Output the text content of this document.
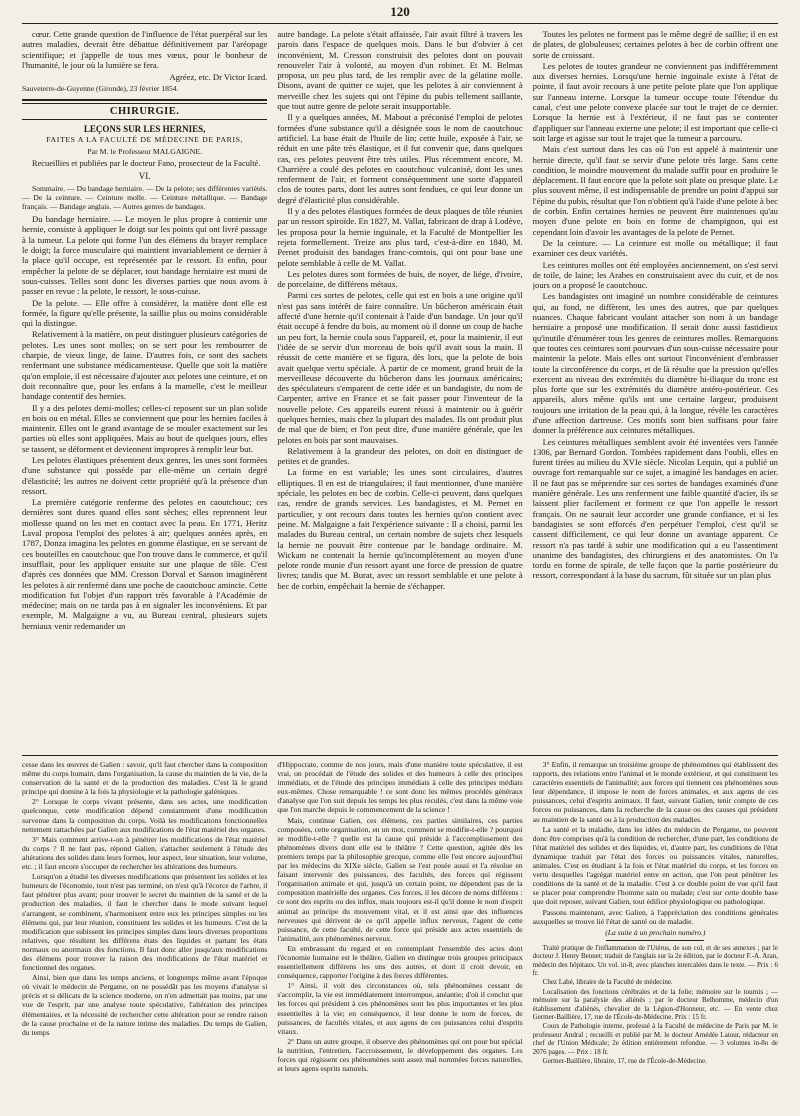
120

cœur. Cette grande question de l'influence de l'état puerpéral sur les autres maladies, devrait être débattue définitivement par l'aréopage scientifique; et j'appelle de tous mes vœux, pour le bonheur de l'humanité, le jour où la lumière se fera.

Agréez, etc. Dr Victor Icard.
Sauveterre-de-Guyenne (Gironde), 23 février 1854.
CHIRURGIE.
LEÇONS SUR LES HERNIES,
FAITES A LA FACULTÉ DE MÉDECINE DE PARIS,
Par M. le Professeur MALGAIGNE.
Recueillies et publiées par le docteur Fano, prosecteur de la Faculté.
VI.
Sommaire. — Du bandage herniaire. — De la pelote; ses différentes variétés. — De la ceinture. — Ceinture molle. — Ceinture métallique. — Bandage français. — Bandage anglais. — Autres genres de bandages.

Du bandage herniaire. — Le moyen le plus propre à contenir une hernie, consiste à appliquer le doigt sur les points qui ont livré passage à la tumeur. La pelote qui forme l'un des élémens du brayer remplace le doigt; la force musculaire qui maintient invariablement ce dernier à la place qu'il occupe, est représentée par le ressort. Et enfin, pour empêcher la pelote de se déplacer, tout bandage herniaire est muni de sous-cuisses. Telles sont donc les diverses parties que nous avons à passer en revue : la pelote, le ressort, le sous-cuisse.

De la pelote. — Elle offre à considérer, la matière dont elle est formée, la figure qu'elle présente, la saillie plus ou moins considérable qui la distingue.

Relativement à la matière, on peut distinguer plusieurs catégories de pelotes. Les unes sont molles; on se sert pour les rembourrer de charpie, de vieux linge, de laine. D'autres fois, ce sont des sachets renfermant une substance médicamenteuse. Quelle que soit la matière qu'on emploie, il est nécessaire d'ajouter aux pelotes une ceinture, et on doit reconnaître que, pour les enfans à la mamelle, c'est le meilleur bandage contentif des hernies.

Il y a des pelotes demi-molles; celles-ci reposent sur un plan solide en bois ou en métal. Elles se conviennent que pour les hernies faciles à maintenir. Elles ont le grand avantage de se mouler exactement sur les parties où elles sont appliquées. Mais au bout de quelques jours, elles se tassent, se déforment et deviennent impropres à remplir leur but.

Les pelotes élastiques présentent deux genres, les unes sont formées d'une substance qui possède par elle-même un certain degré d'élasticité; les autres ne doivent cette propriété qu'à la présence d'un ressort.

La première catégorie renferme des pelotes en caoutchouc; ces dernières sont dures quand elles sont sèches; elles reprennent leur mollesse quand on les met en contact avec la peau. En 1771, Heritz Laval proposa l'emploi des pelotes à air; quelques années après, en 1787, Donza imagina les pelotes en gomme élastique, en se servant de ces bouteilles en caoutchouc que l'on trouve dans le commerce, et qu'il insufflait, pour les appliquer ensuite sur une plaque de tôle. C'est d'après ces données que MM. Cresson Dorval et Sanson imaginèrent les pelotes à air renfermé dans une poche de caoutchouc amincie. Cette modification fut l'objet d'un rapport très favorable à l'Académie de médecine; mais on ne tarda pas à en signaler les inconvéniens. Et par exemple, M. Malgaigne a vu, au Bureau central, plusieurs sujets herniaux venir redemander un

autre bandage. La pelote s'était affaissée, l'air avait filtré à travers les parois dans l'espace de quelques mois. Dans le but d'obvier à cet inconvénient, M. Cresson construisit des pelotes dont on pouvait renouveler l'air à volonté, au moyen d'un robinet. Et M. Belmas proposa, un peu plus tard, de les remplir avec de la gélatine molle. Disons, avant de quitter ce sujet, que les pelotes à air conviennent à merveille chez les sujets qui ont l'épine du pubis tellement saillante, que tout autre genre de pelote serait insupportable.

Il y a quelques années, M. Mabout a préconisé l'emploi de pelotes formées d'une substance qu'il a désignée sous le nom de caoutchouc artificiel. La base était de l'huile de lin; cette huile, exposée à l'air, se réduit en une pâte très élastique, et il fut convenir que, dans quelques cas, ces pelotes peuvent être très utiles. Plus récemment encore, M. Charrière a coulé des pelotes en caoutchouc vulcanisé, dont les unes renferment de l'air, et forment conséquemment une sorte d'appareil clos de toutes parts, dont les autres sont fendues, ce qui leur donne un degré d'élasticité plus considérable.

Il y a des pelotes élastiques formées de deux plaques de tôle réunies par un ressort spiroïde. En 1827, M. Vallat, fabricant de drap à Lodève, les proposa pour la hernie inguinale, et la Faculté de Montpellier les rejeta formellement. Treize ans plus tard, c'est-à-dire en 1840, M. Pernet produisit des bandages franc-comtois, qui ont pour base une pelote semblable à celle de M. Vallat.

Les pelotes dures sont formées de buis, de noyer, de liége, d'ivoire, de porcelaine, de différens métaux.

Parmi ces sortes de pelotes, celle qui est en bois a une origine qu'il n'est pas sans intérêt de faire connaître. Un bûcheron américain était affecté d'une hernie qu'il contenait à l'aide d'un bandage. Un jour qu'il était occupé à fendre du bois, au moment où il donne un coup de hache un peu fort, la hernie coula sous l'appareil, et, pour la maintenir, il eut l'idée de se servir d'un morceau de bois qu'il avait sous la main. Il réussit de cette manière et se figura, dès lors, que la pelote de bois avait quelque vertu spéciale. À partir de ce moment, grand bruit de la merveilleuse découverte du bûcheron dans les journaux américains; des spéculateurs s'emparent de cette idée et un bandagiste, du nom de Carpenter, arrive en France et se fait passer pour l'inventeur de la nouvelle pelote. Ces appareils eurent réussi à maintenir ou à guérir quelques hernies, mais chez la plupart des malades. Ils ont produit plus de mal que de bien; et l'on peut dire, d'une manière générale, que les pelotes en bois par sont mauvaises.

Relativement à la grandeur des pelotes, on doit en distinguer de petites et de grandes.

La forme en est variable; les unes sont circulaires, d'autres elliptiques. Il en est de triangulaires; il faut mentionner, d'une manière spéciale, les pelotes en bec de corbin. Celle-ci peuvent, dans quelques cas, rendre de grands services. Les bandagistes, et M. Pernet en particulier, y ont recours dans toutes les hernies qu'on contient avec peine. M. Malgaigne a fait l'expérience suivante : Il a choisi, parmi les malades du Bureau central, un certain nombre de sujets chez lesquels la hernie ne pouvait être contenue par le bandage ordinaire. M. Wickam ne contenait la hernie qu'incomplètement au moyen d'une pelote ronde munie d'un ressort ayant une force de pression de quatre livres; tandis que M. Burat, avec un ressort semblable et une pelote à bec de corbin, empêchait la hernie de s'échapper.

Toutes les pelotes ne forment pas le même degré de saillie; il en est de plates, de globuleuses; certaines pelotes à bec de corbin offrent une sorte de croissant.

Les pelotes de toutes grandeur ne conviennent pas indifféremment aux diverses hernies. Lorsqu'une hernie inguinale existe à l'état de pointe, il faut avoir recours à une petite pelote plate que l'on applique sur l'anneau interne. Lorsque la tumeur occupe toute l'étendue du canal, c'est une pelote convexe placée sur tout le trajet de ce dernier. Lorsque la hernie est à l'extérieur, il ne faut pas se contenter d'appliquer sur l'anneau externe une pelote; il est important que celle-ci soit large et agisse sur tout le trajet que la tumeur a parcouru.

Mais c'est surtout dans les cas où l'on est appelé à maintenir une hernie directe, qu'il faut se servir d'une pelote très large. Sans cette condition, le moindre mouvement du malade suffit pour en produire le déplacement. Il faut encore que la pelote soit plate ou presque plate. Le plus souvent même, il est indispensable de prendre un point d'appui sur l'épine du pubis, résultat que l'on n'obtient qu'à l'aide d'une pelote à bec de corbin. Enfin certaines hernies ne peuvent être maintenues qu'au moyen d'une pelote en bois en forme de champignon, qui est cependant loin d'avoir les avantages de la pelote de Pernet.

De la ceinture. — La ceinture est molle ou métallique; il faut examiner ces deux variétés.

Les ceintures molles ont été employées anciennement, on s'est servi de toile, de laine; les Arabes en construisaient avec du cuir, et de nos jours on a proposé le caoutchouc.

Les bandagistes ont imaginé un nombre considérable de ceintures qui, au fond, ne diffèrent, les unes des autres, que par quelques nuances. Chaque fabricant voulant attacher son nom à un bandage herniaire a proposé une modification. Il serait donc aussi fastidieux qu'inutile d'énumérer tous les genres de ceintures molles. Remarquons que toutes ces ceintures sont pourvues d'un sous-cuisse nécessaire pour maintenir la pelote. Mais elles ont surtout l'inconvénient d'embrasser toute la circonférence du corps, et de là résulte que la pression qu'elles exercent au niveau des extrémités du diamètre bi-iliaque du tronc est plus forte que sur les extrémités du diamètre antéro-postérieur. Ces appareils, alors même qu'ils ont une certaine largeur, produisent toujours une irritation de la peau qui, à la longue, révèle les caractères d'une affection dartreuse. Ces motifs sont bien suffisans pour faire donner la préférence aux ceintures métalliques.

Les ceintures métalliques semblent avoir été inventées vers l'année 1306, par Bernard Gordon. Tombées rapidement dans l'oubli, elles en furent tirées au milieu du XVIe siècle. Nicolas Lequin, qui a publié un ouvrage fort remarquable sur ce sujet, a imaginé les bandages en acier. Il ne faut pas se méprendre sur ces sortes de bandages examinés d'une manière générale. Les uns renferment une faible quantité d'acier, ils se laissent plier facilement et forment ce que l'on appelle le ressort français. On ne saurait leur accorder une grande confiance, et si les bandagistes se sont efforcés d'en perpétuer l'emploi, c'est qu'il se cassent difficilement, ce qui leur donne un avantage apparent. Ce ressort n'a pas tardé à subir une modification qui a eu l'assentiment unanime des bandagistes, des chirurgiens et des anatomistes. On l'a tordu en forme de spirale, de telle façon que la partie postérieure du ressort, correspondant à la base du sacrum, fût située sur un plan plus

cesse dans les œuvres de Galien : savoir, qu'il faut chercher dans la composition même du corps humain, dans l'organisation, la cause du maintien de la vie, de la conservation de la santé et de la production des maladies. C'est là le grand principe qui domine à la fois la physiologie et la pathologie galéniques.

2° Lorsque le corps vivant présente, dans ses actes, une modification quelconque, cette modification dépend constamment d'une modification survenue dans la composition du corps. Voilà les modifications fonctionnelles nettement rattachées par Galien aux modifications de l'état matériel des organes.

3° Mais comment arrive-t-on à pénétrer les modifications de l'état matériel du corps ? Il ne faut pas, répond Galien, s'attacher seulement à l'étude des altérations des solides dans leurs formes, leur aspect, leur situation, leur volume, etc. ; il faut encore s'occuper de rechercher les altérations des humeurs.

Lorsqu'on a étudié les diverses modifications que présentent les solides et les humeurs de l'économie, tout n'est pas terminé, on n'est qu'à l'écorce de l'arbre, il faut pénétrer plus avant; pour trouver le secret du maintien de la santé et de la production des maladies, il faut le chercher dans le mode suivant lequel s'arrangent, se combinent, s'harmonisent entre eux les principes simples ou les élémens qui, par leur réunion, constituent les solides et les humeurs. C'est de la modification que subissent les principes simples dans leurs diverses proportions relatives, que résultent les différens états des liquides et partant les états normaux ou anormaux des fonctions. Il faut donc aller jusqu'aux modifications des élémens pour trouver la raison des modifications de l'état matériel et fonctionnel des organes.

Ainsi, bien que dans les temps anciens, et longtemps même avant l'époque où vivait le médecin de Pergame, on ne possédât pas les moyens d'analyse si précis et si délicats de la science moderne, on n'en admettait pas moins, par une vue de l'esprit, par une analyse toute spéculative, l'altération des principes élémentaires, et la nécessité de rechercher cette altération pour se rendre raison de la cause prochaine et de la nature intime des maladies. Du temps de Galien, du temps

d'Hippocrate, comme de nos jours, mais d'une manière toute spéculative, il est vrai, on procédait de l'étude des solides et des humeurs à celle des principes immédiats, et de l'étude des principes immédiats à celle des principes médiats eux-mêmes. Chose remarquable ! ce sont donc les mêmes procédés généraux d'analyse que l'on suit depuis les temps les plus reculés, c'est dans la même voie que l'on marche depuis le commencement de la science !

Mais, continue Galien, ces élémens, ces parties similaires, ces parties composées, cette organisation, en un mot, comment se modifie-t-elle ? pourquoi se modifie-t-elle ? quelle est la cause qui préside à l'accomplissement des phénomènes divers dont elle est le théâtre ? Cette question, agitée dès les premiers temps par la philosophie grecque, comme elle l'est encore aujourd'hui par les médecins du XIXe siècle, Galien se l'est posée aussi et l'a résolue en faisant intervenir des puissances, des facultés, des forces qui régissent l'organisation animale et qui, jusqu'à un certain point, ne dépendent pas de la composition matérielle des organes. Ces forces, il les décore de noms différens : ce sont des esprits ou des influx, mais toujours est-il qu'il donne le nom d'esprit animal au principe du mouvement vital, et il est ainsi que des influences nerveuses qui dérivent de ce qu'il appelle influx nerveux, l'agent de cette puissance, de cette faculté, de cette force qui préside aux actes essentiels de l'animalité, aux phénomènes nerveux.

En embrassant du regard et en contemplant l'ensemble des actes dont l'économie humaine est le théâtre, Galien en distingue trois groupes principaux essentiellement différens les uns des autres, et dont il croit devoir, en conséquence, rapporter l'origine à des forces différentes.

1° Ainsi, il voit des circonstances où, tels phénomènes cessant de s'accomplir, la vie est immédiatement interrompue, anéantie; d'où il conclut que les forces qui président à ces phénomènes sont les plus importantes et les plus essentielles à la vie; en conséquence, il leur donne le nom de forces, de puissances, de facultés vitales, et aux agens de ces puissances celui d'esprits vitaux.

2° Dans un autre groupe, il observe des phénomènes qui ont pour but spécial la nutrition, l'entretien, l'accroissement, le développement des organes. Les forces qui régissent ces phénomènes sont assez mal nommées forces naturelles, et leurs agens esprits naturels.

3° Enfin, il remarque un troisième groupe de phénomènes qui établissent des rapports, des relations entre l'animal et le monde extérieur, et qui constituent les caractères essentiels de l'animalité; aux forces qui tiennent ces phénomènes sous leur dépendance, il impose le nom de forces animales, et aux agens de ces puissances, celui d'esprits animaux. Il faut, suivant Galien, tenir compte de ces forces ou puissances, dans la recherche de la cause ou des causes qui président au maintien de la santé ou à la production des maladies.

La santé et la maladie, dans les idées du médecin de Pergame, ne peuvent donc être comprises qu'à la condition de rechercher, d'une part, les conditions de l'état matériel des solides et des liquides, et, d'autre part, les conditions de l'état dynamique traduit par l'état des forces ou puissances vitales, naturelles, animales. C'est en étudiant à la fois et l'état matériel du corps, et les forces en vertu desquelles l'agrégat matériel entre en action, que l'on peut pénétrer les conditions de la santé et de la maladie. C'est à ce double point de vue qu'il faut se placer pour comprendre l'homme sain ou malade; c'est sur cette double base que doit reposer, suivant Galien, tout édifice physiologique ou pathologique.

Passons maintenant, avec Galien, à l'appréciation des conditions générales auxquelles se trouve lié l'état de santé ou de maladie.

(La suite à un prochain numéro.)

Traité pratique de l'inflammation de l'Utérus, de son col, et de ses annexes ; par le docteur J. Henry Bennet; traduit de l'anglais sur la 2e édition, par le docteur F.-A. Aran, médecin des hôpitaux. Un vol. in-8, avec planches intercalées dans le texte. — Prix : 6 fr.

Chez Labé, libraire de la Faculté de médecine.

Localisation des fonctions cérébrales et de la folie; mémoire sur le tournis ; — mémoire sur la paralysie des aliénés ; par le docteur Belhomme, médecin d'un établissement d'aliénés, chevalier de la Légion-d'Honneur, etc. — En vente chez Germer-Baillière, 17, rue de l'École-de-Médecine. Prix : 15 fr.

Cours de Pathologie interne, professé à la Faculté de médecine de Paris par M. le professeur Andral ; recueilli et publié par M. le docteur Amédée Latour, rédacteur en chef de l'Union Médicale; 2e édition entièrement refondue. — 3 volumes in-8o de 2076 pages. — Prix : 18 fr.

Germer-Baillière, libraire, 17, rue de l'École-de-Médecine.
